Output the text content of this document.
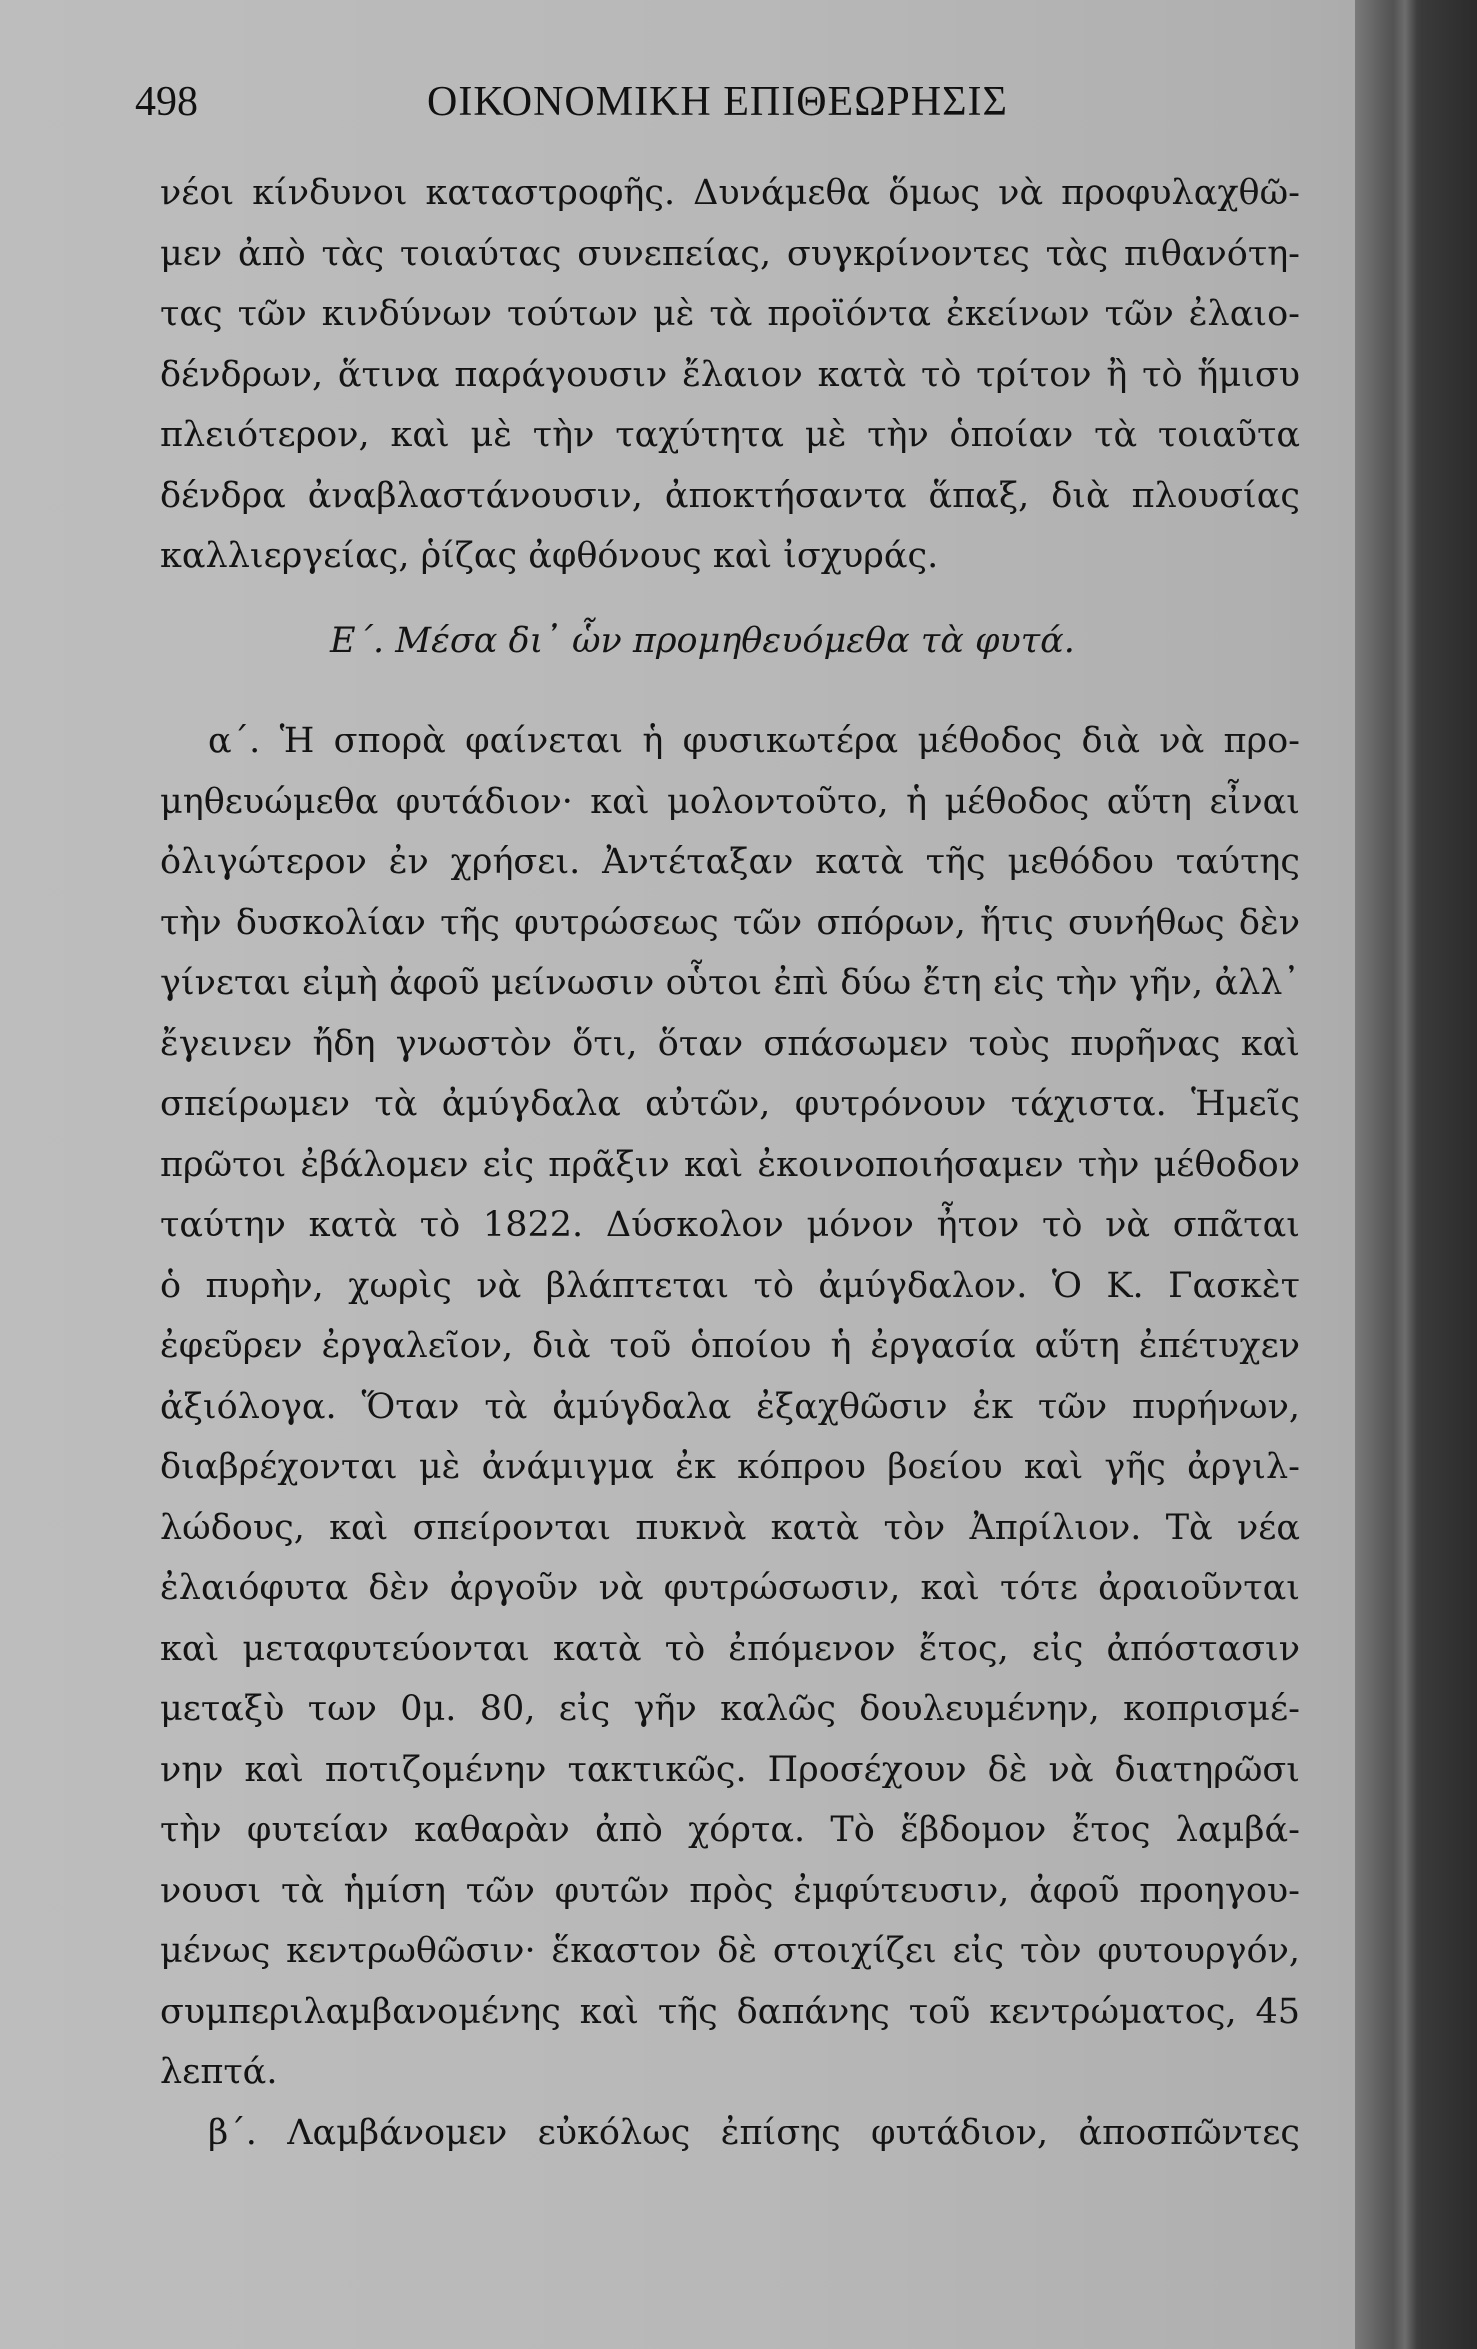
498	ΟΙΚΟΝΟΜΙΚΗ ΕΠΙΘΕΩΡΗΣΙΣ
νέοι κίνδυνοι καταστροφῆς. Δυνάμεθα ὅμως νὰ προφυλαχθῶ-
μεν ἀπὸ τὰς τοιαύτας συνεπείας, συγκρίνοντες τὰς πιθανότη-
τας τῶν κινδύνων τούτων μὲ τὰ προϊόντα ἐκείνων τῶν ἐλαιο-
δένδρων, ἅτινα παράγουσιν ἔλαιον κατὰ τὸ τρίτον ἢ τὸ ἥμισυ
πλειότερον, καὶ μὲ τὴν ταχύτητα μὲ τὴν ὁποίαν τὰ τοιαῦτα
δένδρα ἀναβλαστάνουσιν, ἀποκτήσαντα ἅπαξ, διὰ πλουσίας
καλλιεργείας, ῥίζας ἀφθόνους καὶ ἰσχυράς.
Ε΄. Μέσα δι᾿ ὧν προμηθευόμεθα τὰ φυτά.
α΄. Ἡ σπορὰ φαίνεται ἡ φυσικωτέρα μέθοδος διὰ νὰ προ-
μηθευώμεθα φυτάδιον· καὶ μολοντοῦτο, ἡ μέθοδος αὕτη εἶναι
ὀλιγώτερον ἐν χρήσει. Ἀντέταξαν κατὰ τῆς μεθόδου ταύτης
τὴν δυσκολίαν τῆς φυτρώσεως τῶν σπόρων, ἥτις συνήθως δὲν
γίνεται εἰμὴ ἀφοῦ μείνωσιν οὗτοι ἐπὶ δύω ἔτη εἰς τὴν γῆν, ἀλλ᾿
ἔγεινεν ἤδη γνωστὸν ὅτι, ὅταν σπάσωμεν τοὺς πυρῆνας καὶ
σπείρωμεν τὰ ἀμύγδαλα αὐτῶν, φυτρόνουν τάχιστα. Ἡμεῖς
πρῶτοι ἐβάλομεν εἰς πρᾶξιν καὶ ἐκοινοποιήσαμεν τὴν μέθοδον
ταύτην κατὰ τὸ 1822. Δύσκολον μόνον ἦτον τὸ νὰ σπᾶται
ὁ πυρὴν, χωρὶς νὰ βλάπτεται τὸ ἀμύγδαλον. Ὁ Κ. Γασκὲτ
ἐφεῦρεν ἐργαλεῖον, διὰ τοῦ ὁποίου ἡ ἐργασία αὕτη ἐπέτυχεν
ἀξιόλογα. Ὅταν τὰ ἀμύγδαλα ἐξαχθῶσιν ἐκ τῶν πυρήνων,
διαβρέχονται μὲ ἀνάμιγμα ἐκ κόπρου βοείου καὶ γῆς ἀργιλ-
λώδους, καὶ σπείρονται πυκνὰ κατὰ τὸν Ἀπρίλιον. Τὰ νέα
ἐλαιόφυτα δὲν ἀργοῦν νὰ φυτρώσωσιν, καὶ τότε ἀραιοῦνται
καὶ μεταφυτεύονται κατὰ τὸ ἐπόμενον ἔτος, εἰς ἀπόστασιν
μεταξὺ των 0μ. 80, εἰς γῆν καλῶς δουλευμένην, κοπρισμέ-
νην καὶ ποτιζομένην τακτικῶς. Προσέχουν δὲ νὰ διατηρῶσι
τὴν φυτείαν καθαρὰν ἀπὸ χόρτα. Τὸ ἕβδομον ἔτος λαμβά-
νουσι τὰ ἡμίση τῶν φυτῶν πρὸς ἐμφύτευσιν, ἀφοῦ προηγου-
μένως κεντρωθῶσιν· ἕκαστον δὲ στοιχίζει εἰς τὸν φυτουργόν,
συμπεριλαμβανομένης καὶ τῆς δαπάνης τοῦ κεντρώματος, 45
λεπτά.
β΄. Λαμβάνομεν εὐκόλως ἐπίσης φυτάδιον, ἀποσπῶντες
